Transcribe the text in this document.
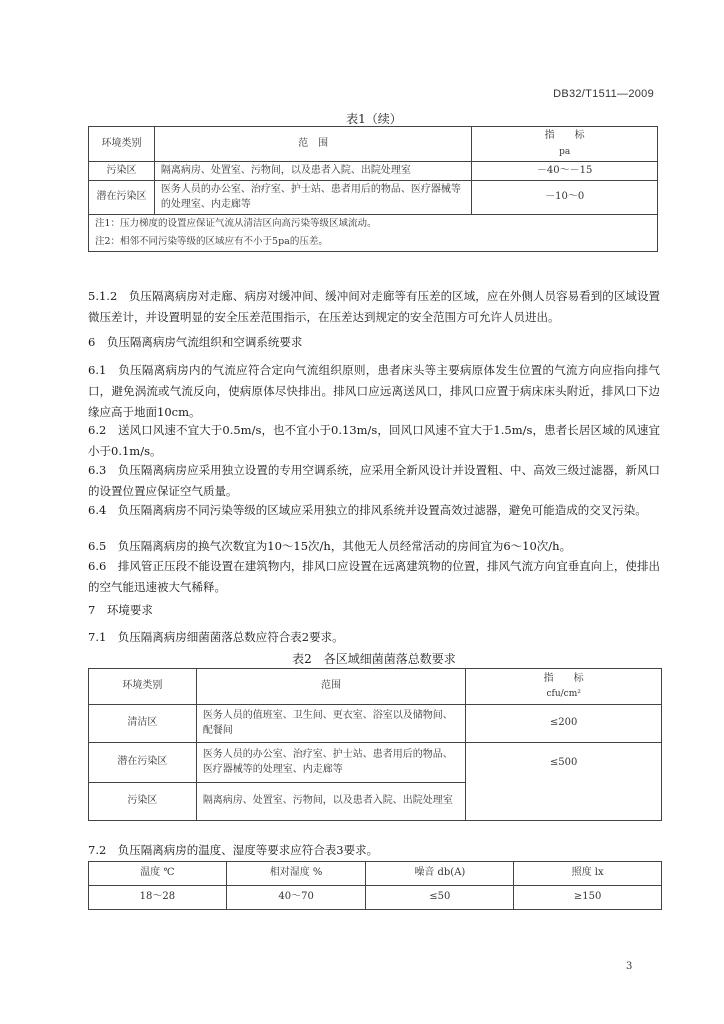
DB32/T1511—2009
表1（续）
环境类别	范　围	指　　标
pa

污染区	隔离病房、处置室、污物间，以及患者入院、出院处理室	－40～－15
潜在污染区	医务人员的办公室、治疗室、护士站、患者用后的物品、医疗器械等的处理室、内走廊等	－10～0
注1：压力梯度的设置应保证气流从清洁区向高污染等级区域流动。		
注2：相邻不同污染等级的区域应有不小于5pa的压差。		
5.1.2　负压隔离病房对走廊、病房对缓冲间、缓冲间对走廊等有压差的区域，应在外侧人员容易看到的区域设置微压差计，并设置明显的安全压差范围指示，在压差达到规定的安全范围方可允许人员进出。
6　负压隔离病房气流组织和空调系统要求
6.1　负压隔离病房内的气流应符合定向气流组织原则，患者床头等主要病原体发生位置的气流方向应指向排气口，避免涡流或气流反向，使病原体尽快排出。排风口应远离送风口，排风口应置于病床床头附近，排风口下边缘应高于地面10cm。
6.2　送风口风速不宜大于0.5m/s，也不宜小于0.13m/s，回风口风速不宜大于1.5m/s，患者长居区域的风速宜小于0.1m/s。
6.3　负压隔离病房应采用独立设置的专用空调系统，应采用全新风设计并设置粗、中、高效三级过滤器，新风口的设置位置应保证空气质量。
6.4　负压隔离病房不同污染等级的区域应采用独立的排风系统并设置高效过滤器，避免可能造成的交叉污染。
6.5　负压隔离病房的换气次数宜为10～15次/h，其他无人员经常活动的房间宜为6～10次/h。
6.6　排风管正压段不能设置在建筑物内，排风口应设置在远离建筑物的位置，排风气流方向宜垂直向上，使排出的空气能迅速被大气稀释。
7　环境要求
7.1　负压隔离病房细菌菌落总数应符合表2要求。
表2　各区域细菌菌落总数要求
环境类别	范围	指　　标
cfu/cm²

清洁区	医务人员的值班室、卫生间、更衣室、浴室以及储物间、配餐间	≤200
潜在污染区	医务人员的办公室、治疗室、护士站、患者用后的物品、医疗器械等的处理室、内走廊等	≤500
污染区	隔离病房、处置室、污物间，以及患者入院、出院处理室	
7.2　负压隔离病房的温度、湿度等要求应符合表3要求。
温度 ℃	相对湿度 %	噪音 db(A)	照度 lx
18～28	40～70	≤50	≥150
3
